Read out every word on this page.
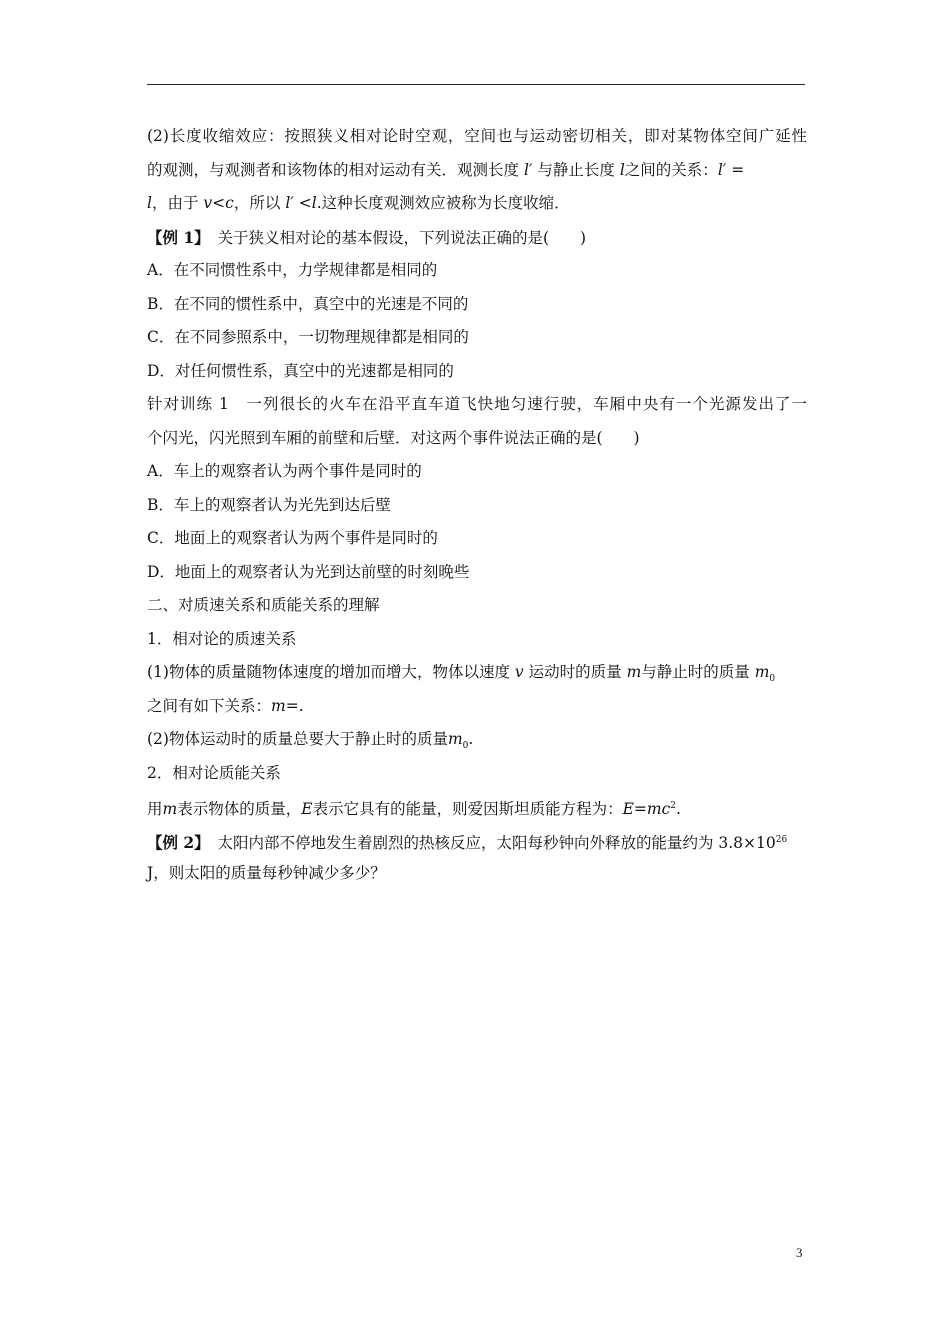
(2)长度收缩效应：按照狭义相对论时空观，空间也与运动密切相关，即对某物体空间广延性
的观测，与观测者和该物体的相对运动有关．观测长度 l′ 与静止长度 l之间的关系：l′ =
l，由于 v<c，所以 l′ <l.这种长度观测效应被称为长度收缩．
【例 1】　 关于狭义相对论的基本假设，下列说法正确的是(　　)
A．在不同惯性系中，力学规律都是相同的
B．在不同的惯性系中，真空中的光速是不同的
C．在不同参照系中，一切物理规律都是相同的
D．对任何惯性系，真空中的光速都是相同的
针对训练 1　一列很长的火车在沿平直车道飞快地匀速行驶，车厢中央有一个光源发出了一
个闪光，闪光照到车厢的前壁和后壁．对这两个事件说法正确的是(　　)
A．车上的观察者认为两个事件是同时的
B．车上的观察者认为光先到达后壁
C．地面上的观察者认为两个事件是同时的
D．地面上的观察者认为光到达前壁的时刻晚些
二、对质速关系和质能关系的理解
1．相对论的质速关系
(1)物体的质量随物体速度的增加而增大，物体以速度 v 运动时的质量 m与静止时的质量 $m_0$
之间有如下关系：m=.
(2)物体运动时的质量总要大于静止时的质量$m_0$.
2．相对论质能关系
用m表示物体的质量，E表示它具有的能量，则爱因斯坦质能方程为：$E=mc^2$.
【例 2】　 太阳内部不停地发生着剧烈的热核反应，太阳每秒钟向外释放的能量约为 $3.8\times 10^{26}$
J，则太阳的质量每秒钟减少多少？
3
